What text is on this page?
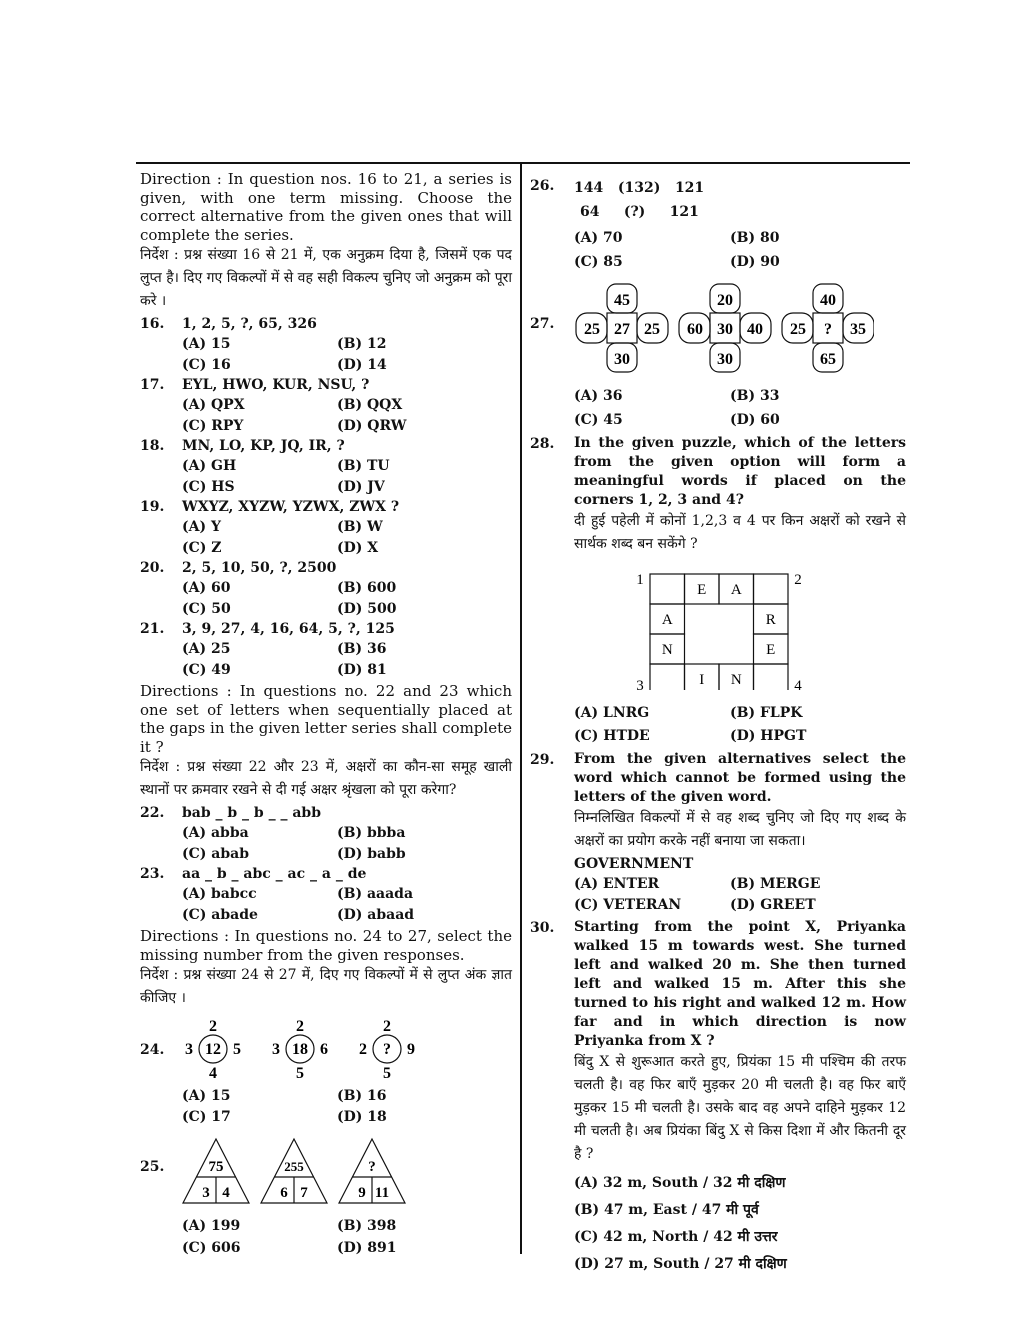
Direction : In question nos. 16 to 21, a series is given, with one term missing. Choose the correct alternative from the given ones that will complete the series.

निर्देश : प्रश्न संख्या 16 से 21 में, एक अनुक्रम दिया है, जिसमें एक पद लुप्त है। दिए गए विकल्पों में से वह सही विकल्प चुनिए जो अनुक्रम को पूरा करे ।

16. 1, 2, 5, ?, 65, 326
(A) 15	(B) 12
(C) 16	(D) 14
17. EYL, HWO, KUR, NSU, ?
(A) QPX	(B) QQX
(C) RPY	(D) QRW
18. MN, LO, KP, JQ, IR, ?
(A) GH	(B) TU
(C) HS	(D) JV
19. WXYZ, XYZW, YZWX, ZWX ?
(A) Y	(B) W
(C) Z	(D) X
20. 2, 5, 10, 50, ?, 2500
(A) 60	(B) 600
(C) 50	(D) 500
21. 3, 9, 27, 4, 16, 64, 5, ?, 125
(A) 25	(B) 36
(C) 49	(D) 81

Directions : In questions no. 22 and 23 which one set of letters when sequentially placed at the gaps in the given letter series shall complete it ?

निर्देश : प्रश्न संख्या 22 और 23 में, अक्षरों का कौन-सा समूह खाली स्थानों पर क्रमवार रखने से दी गई अक्षर श्रृंखला को पूरा करेगा?

22. bab _ b _ b _ _ abb
(A) abba	(B) bbba
(C) abab	(D) babb
23. aa _ b _ abc _ ac _ a _ de
(A) babcc	(B) aaada
(C) abade	(D) abaad

Directions : In questions no. 24 to 27, select the missing number from the given responses.

निर्देश : प्रश्न संख्या 24 से 27 में, दिए गए विकल्पों में से लुप्त अंक ज्ञात कीजिए ।

24.	12
2
4
3	5	18
2
5
3	6	?
2
5
2	9
(A) 15	(B) 16
(C) 17	(D) 18
25.	75
3 4
255
6 7
?
9 11
(A) 199	(B) 398
(C) 606	(D) 891
26. 144   (132)   121
64     (?)     121
(A) 70	(B) 80
(C) 85	(D) 90
27.	27
45
30
25	25	30
20
30
60	40	?
40
65
25	35
(A) 36	(B) 33
(C) 45	(D) 60
28. In the given puzzle, which of the letters from the given option will form a meaningful words if placed on the corners 1, 2, 3 and 4?

दी हुई पहेली में कोनों 1,2,3 व 4 पर किन अक्षरों को रखने से सार्थक शब्द बन सकेंगे ?

E A
A
N
R
E
I N
1	2
3	4
(A) LNRG	(B) FLPK
(C) HTDE	(D) HPGT
29. From the given alternatives select the word which cannot be formed using the letters of the given word.

निम्नलिखित विकल्पों में से वह शब्द चुनिए जो दिए गए शब्द के अक्षरों का प्रयोग करके नहीं बनाया जा सकता।

GOVERNMENT
(A) ENTER	(B) MERGE
(C) VETERAN	(D) GREET
30. Starting from the point X, Priyanka walked 15 m towards west. She turned left and walked 20 m. She then turned left and walked 15 m. After this she turned to his right and walked 12 m. How far and in which direction is now Priyanka from X ?

बिंदु X से शुरूआत करते हुए, प्रियंका 15 मी पश्चिम की तरफ चलती है। वह फिर बाएँ मुड़कर 20 मी चलती है। वह फिर बाएँ मुड़कर 15 मी चलती है। उसके बाद वह अपने दाहिने मुड़कर 12 मी चलती है। अब प्रियंका बिंदु X से किस दिशा में और कितनी दूर है ?

(A) 32 m, South / 32 मी दक्षिण
(B) 47 m, East / 47 मी पूर्व
(C) 42 m, North / 42 मी उत्तर
(D) 27 m, South / 27 मी दक्षिण
